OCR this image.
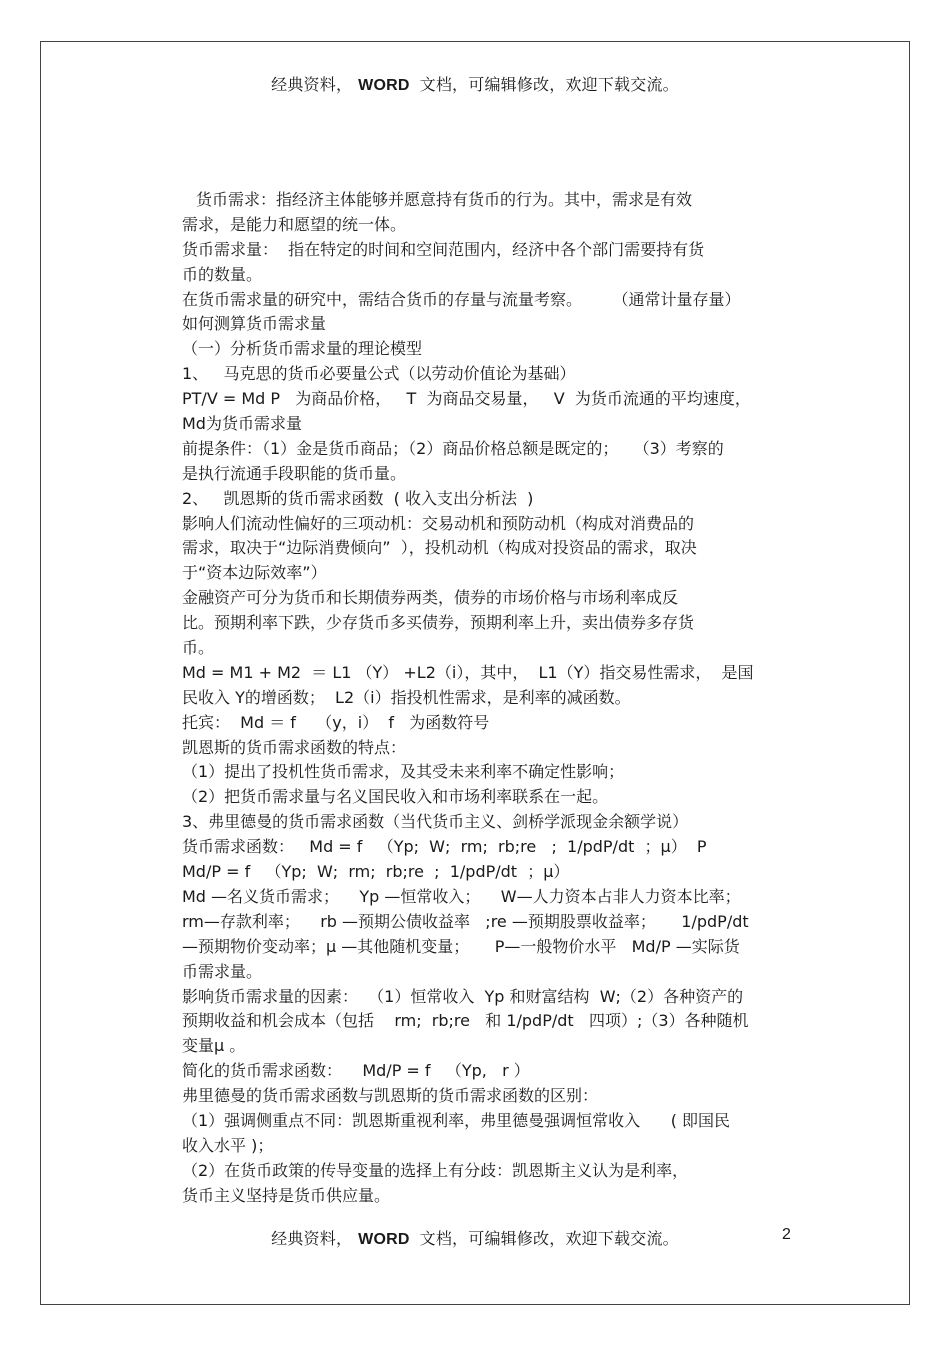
经典资料， WORD 文档，可编辑修改，欢迎下载交流。
货币需求：指经济主体能够并愿意持有货币的行为。其中，需求是有效
需求，是能力和愿望的统一体。
货币需求量：  指在特定的时间和空间范围内，经济中各个部门需要持有货
币的数量。
在货币需求量的研究中，需结合货币的存量与流量考察。      （通常计量存量）
如何测算货币需求量
（一）分析货币需求量的理论模型
1、   马克思的货币必要量公式（以劳动价值论为基础）
PT/V = Md P   为商品价格，   T  为商品交易量，   V  为货币流通的平均速度，
Md为货币需求量
前提条件：（1）金是货币商品；（2）商品价格总额是既定的；   （3）考察的
是执行流通手段职能的货币量。
2、   凯恩斯的货币需求函数  ( 收入支出分析法  )
影响人们流动性偏好的三项动机：交易动机和预防动机（构成对消费品的
需求，取决于“边际消费倾向”  ），投机动机（构成对投资品的需求，取决
于“资本边际效率”）
金融资产可分为货币和长期债券两类，债券的市场价格与市场利率成反
比。预期利率下跌，少存货币多买债券，预期利率上升，卖出债券多存货
币。
Md = M1 + M2  ＝ L1 （Y） +L2（i），其中，  L1（Y）指交易性需求，  是国
民收入 Y的增函数；  L2（i）指投机性需求，是利率的减函数。
托宾：  Md ＝ f    （y，i）  f   为函数符号
凯恩斯的货币需求函数的特点：
（1）提出了投机性货币需求，及其受未来利率不确定性影响；
（2）把货币需求量与名义国民收入和市场利率联系在一起。
3、弗里德曼的货币需求函数（当代货币主义、剑桥学派现金余额学说）
货币需求函数：   Md = f   （Yp;  W;  rm;  rb;re   ;  1/pdP/dt  ；μ）  P
Md/P = f   （Yp;  W;  rm;  rb;re  ;  1/pdP/dt  ；μ）
Md —名义货币需求；    Yp —恒常收入；    W—人力资本占非人力资本比率；
rm—存款利率；    rb —预期公债收益率   ;re —预期股票收益率；     1/pdP/dt
—预期物价变动率；μ —其他随机变量；     P—一般物价水平   Md/P —实际货
币需求量。
影响货币需求量的因素：  （1）恒常收入  Yp 和财富结构  W;（2）各种资产的
预期收益和机会成本（包括    rm;  rb;re   和 1/pdP/dt   四项）;（3）各种随机
变量μ 。
简化的货币需求函数：    Md/P = f   （Yp,   r ）
弗里德曼的货币需求函数与凯恩斯的货币需求函数的区别：
（1）强调侧重点不同：凯恩斯重视利率，弗里德曼强调恒常收入      ( 即国民
收入水平 )；
（2）在货币政策的传导变量的选择上有分歧：凯恩斯主义认为是利率，
货币主义坚持是货币供应量。
经典资料， WORD 文档，可编辑修改，欢迎下载交流。	2
